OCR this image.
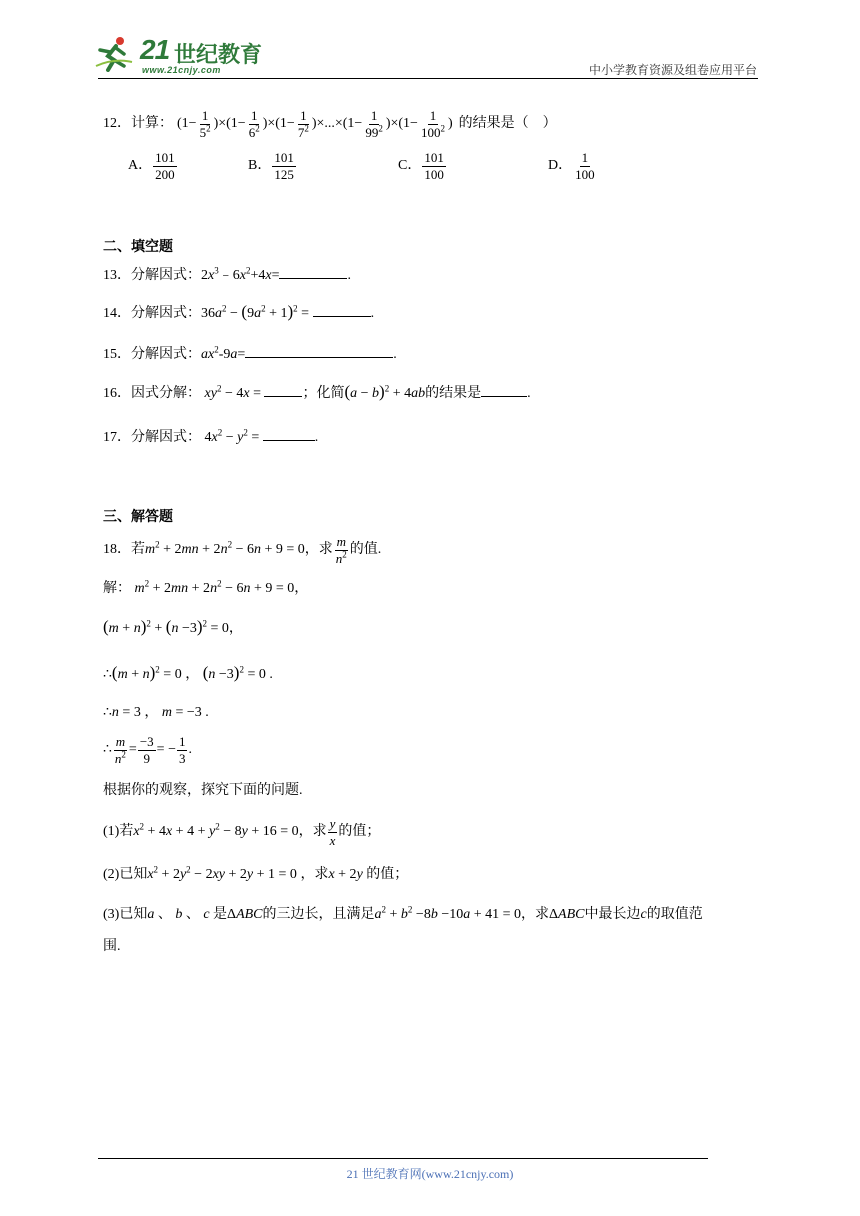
21 世纪教育
www.21cnjy.com	中小学教育资源及组卷应用平台
12．计算： $(1- \frac{1}{5^2} )\times(1- \frac{1}{6^2} )\times(1- \frac{1}{7^2} )\times...\times(1- \frac{1}{99^2} )\times(1- \frac{1}{100^2}$ ) 的结果是（　）
A． $\frac{101}{200}$	B． $\frac{101}{125}$	C． $\frac{101}{100}$	D． $\frac{1}{100}$
二、填空题
13．分解因式：$2x^3﹣6x^2+4x=$	.
14．分解因式：$36a^2 - (9a^2 + 1)^2$ =	.
15．分解因式：$ax^2-9a=$	.
16．因式分解： $xy^2 - 4x$ =	；化简$(a - b)^2 + 4ab$的结果是	.
17．分解因式： $4x^2 - y^2$ =	.
三、解答题
18．若 $m^2 + 2mn + 2n^2 - 6n + 9 = 0$ ，求 $\frac{m}{n^2}$ 的值.
解： $m^2 + 2mn + 2n^2 - 6n + 9 = 0$，
$(m + n)^2 + (n -3)^2 = 0$，
∴(m + n)$^2$ = 0 ， $(n -3)^2 = 0$ .
∴n = 3 ， m = −3 .
∴ $\frac{m}{n^2} = \frac{-3}{9}$ = − $\frac{1}{3}$ .
根据你的观察，探究下面的问题.
(1)若 $x^2 + 4x + 4 + y^2 - 8y + 16 = 0$ ，求 $\frac{y}{x}$ 的值；
(2)已知$x^2 + 2y^2 - 2xy + 2y + 1 = 0$ ，求x + 2y 的值；
(3)已知a 、 b 、 c 是ΔABC的三边长，且满足$a^2 + b^2 -8b -10a + 41 = 0$，求ΔABC中最长边c的取值范
围.
21 世纪教育网(www.21cnjy.com)
